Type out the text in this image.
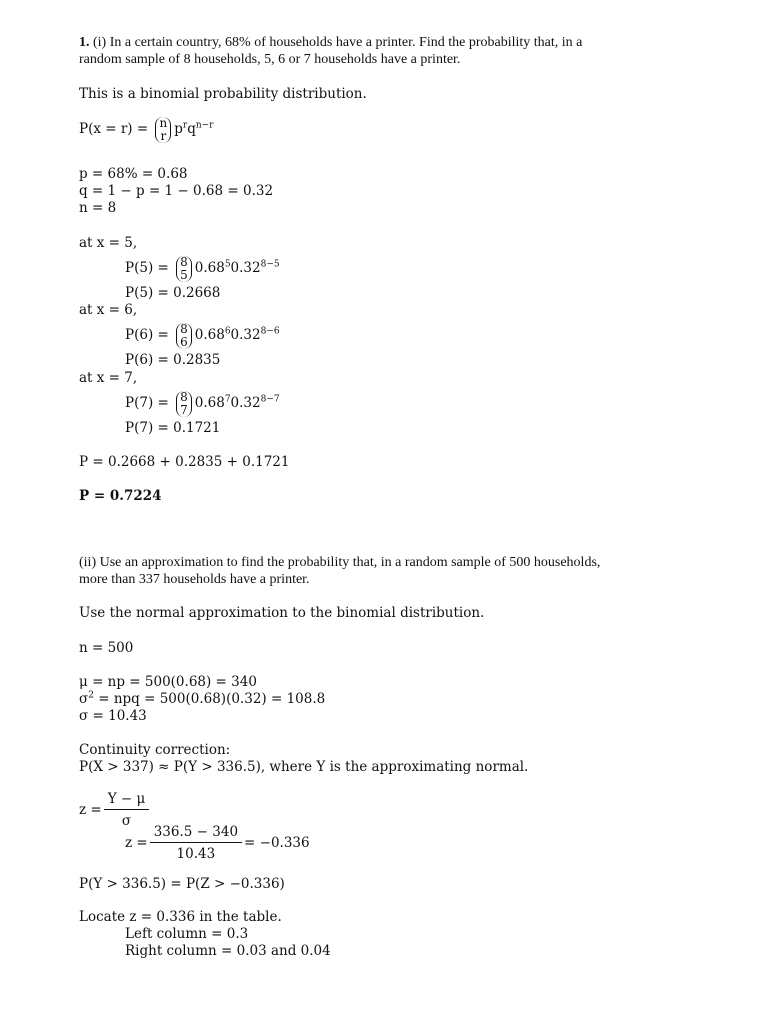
1. (i) In a certain country, 68% of households have a printer. Find the probability that, in a
random sample of 8 households, 5, 6 or 7 households have a printer.
This is a binomial probability distribution.
P(x = r) = n
r $p^rq^{n-r}$
p = 68% = 0.68
q = 1 − p = 1 − 0.68 = 0.32
n = 8
at x = 5,
P(5) = 8
5 $0.68^50.32^{8-5}$
P(5) = 0.2668
at x = 6,
P(6) = 8
6 $0.68^60.32^{8-6}$
P(6) = 0.2835
at x = 7,
P(7) = 8
7 $0.68^70.32^{8-7}$
P(7) = 0.1721
P = 0.2668 + 0.2835 + 0.1721
P = 0.7224
(ii) Use an approximation to find the probability that, in a random sample of 500 households,
more than 337 households have a printer.
Use the normal approximation to the binomial distribution.
n = 500
μ = np = 500(0.68) = 340
$\sigma^2$ = npq = 500(0.68)(0.32) = 108.8
σ = 10.43
Continuity correction:
P(X > 337) ≈ P(Y > 336.5), where Y is the approximating normal.
$z = \frac{Y - \mu}{\sigma}$
$z = \frac{336.5 - 340}{10.43} = -0.336$
P(Y > 336.5) = P(Z > −0.336)
Locate z = 0.336 in the table.
Left column = 0.3
Right column = 0.03 and 0.04
